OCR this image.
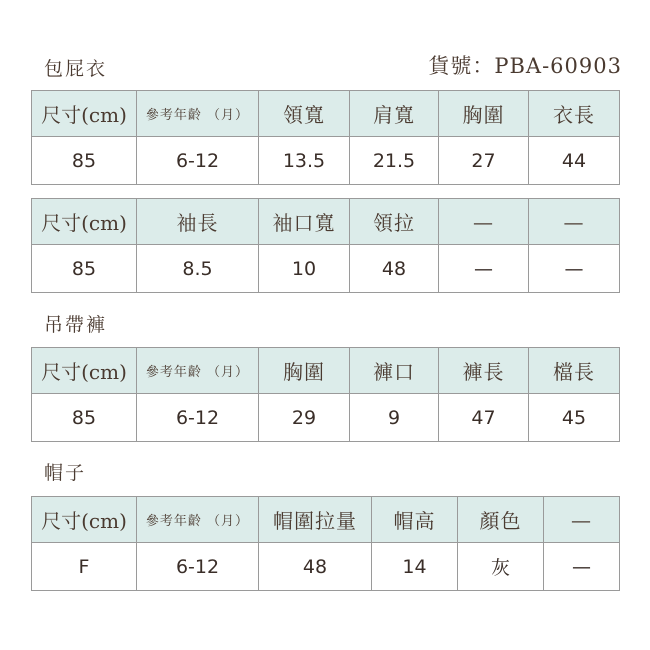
包屁衣	貨號：PBA-60903
尺寸(cm)	參考年齡 （月）	領寬	肩寬	胸圍	衣長
85	6-12	13.5	21.5	27	44
尺寸(cm)	袖長	袖口寬	領拉	—	—
85	8.5	10	48	—	—
吊帶褲
尺寸(cm)	參考年齡 （月）	胸圍	褲口	褲長	檔長
85	6-12	29	9	47	45
帽子
尺寸(cm)	參考年齡 （月）	帽圍拉量	帽高	顏色	—
F	6-12	48	14	灰	—
